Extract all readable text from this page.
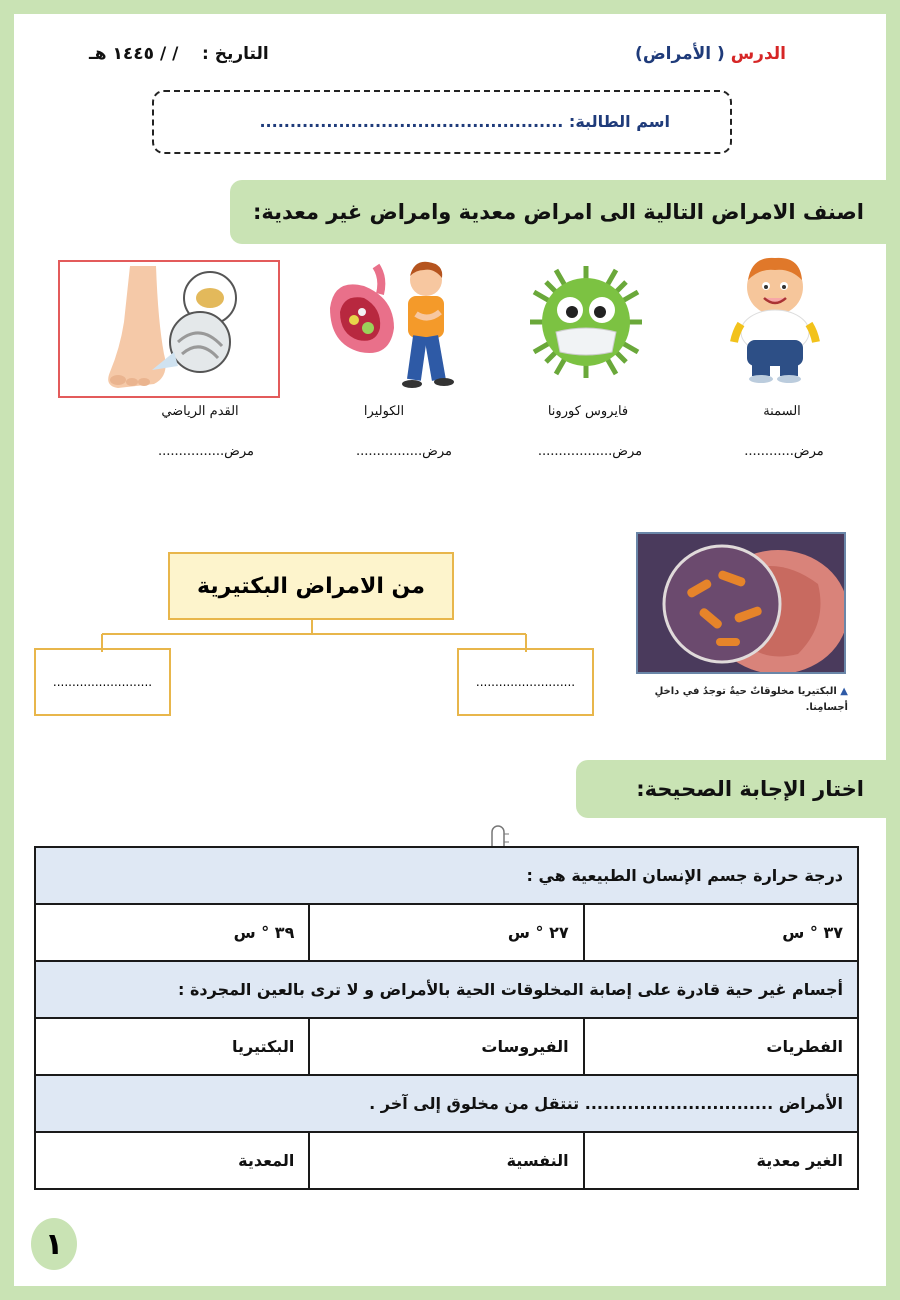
الدرس ( الأمراض)
التاريخ :    / / ١٤٤٥ هـ
اسم الطالبة: ..................................................
اصنف الامراض التالية الى امراض معدية وامراض غير معدية:
السمنة
فايروس كورونا
الكوليرا
القدم الرياضي
مرض............
مرض..................
مرض................
مرض................
من الامراض البكتيرية
..........................	..........................
▲ البكتيريا مخلوقاتٌ حيةٌ توجدُ في داخلِ أجسامِنا.
اختار الإجابة الصحيحة:
درجة حرارة جسم الإنسان الطبيعية هي :		
٣٩ ° س	٢٧ ° س	٣٧ ° س
أجسام غير حية قادرة على إصابة المخلوقات الحية بالأمراض و لا ترى بالعين المجردة :		
البكتيريا	الفيروسات	الفطريات
الأمراض ............................... تنتقل من مخلوق إلى آخر .		
المعدية	النفسية	الغير معدية
١
